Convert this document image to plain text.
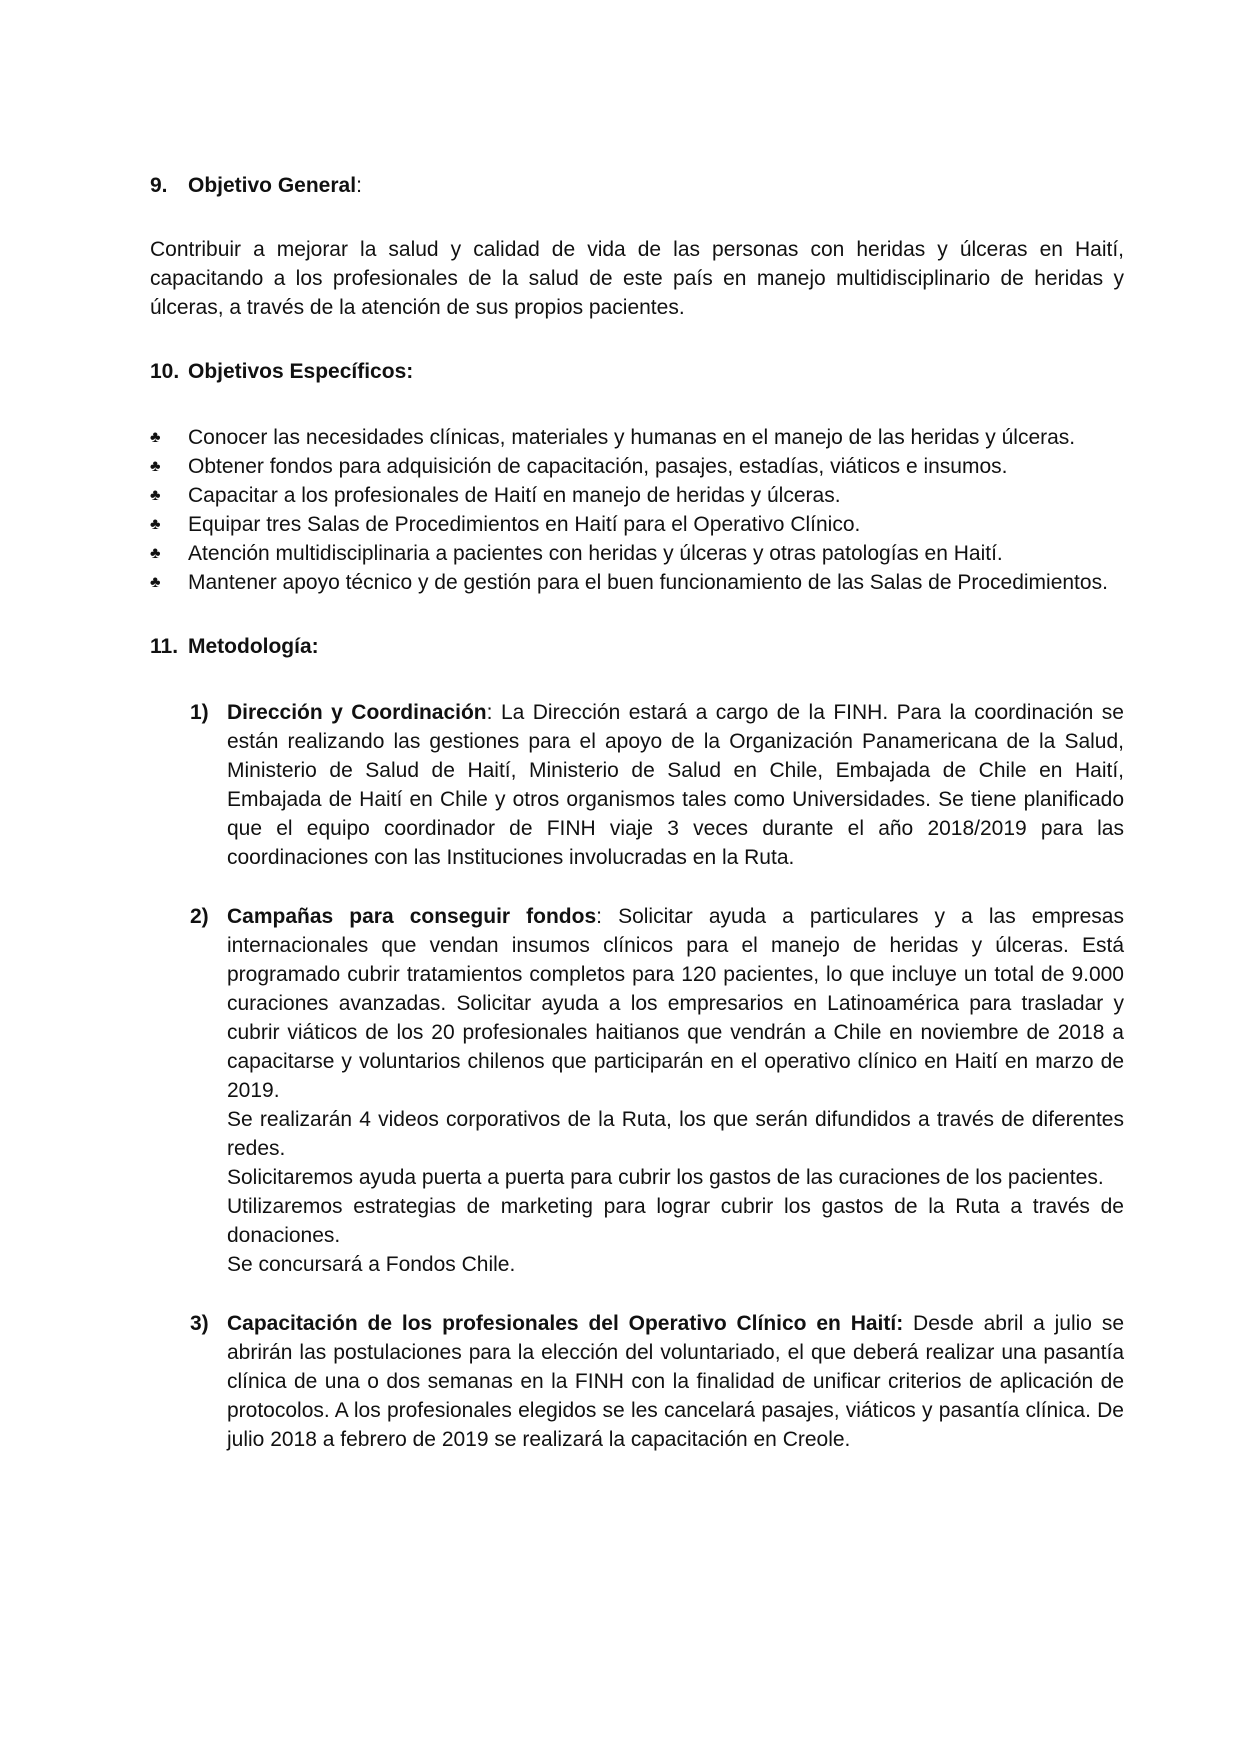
9. Objetivo General:

Contribuir a mejorar la salud y calidad de vida de las personas con heridas y úlceras en Haití, capacitando a los profesionales de la salud de este país en manejo multidisciplinario de heridas y úlceras, a través de la atención de sus propios pacientes.

10. Objetivos Específicos:

♣ Conocer las necesidades clínicas, materiales y humanas en el manejo de las heridas y úlceras.
♣ Obtener fondos para adquisición de capacitación, pasajes, estadías, viáticos e insumos.
♣ Capacitar a los profesionales de Haití en manejo de heridas y úlceras.
♣ Equipar tres Salas de Procedimientos en Haití para el Operativo Clínico.
♣ Atención multidisciplinaria a pacientes con heridas y úlceras y otras patologías en Haití.
♣ Mantener apoyo técnico y de gestión para el buen funcionamiento de las Salas de Procedimientos.

11. Metodología:

1) Dirección y Coordinación: La Dirección estará a cargo de la FINH. Para la coordinación se están realizando las gestiones para el apoyo de la Organización Panamericana de la Salud, Ministerio de Salud de Haití, Ministerio de Salud en Chile, Embajada de Chile en Haití, Embajada de Haití en Chile y otros organismos tales como Universidades. Se tiene planificado que el equipo coordinador de FINH viaje 3 veces durante el año 2018/2019 para las coordinaciones con las Instituciones involucradas en la Ruta.

2) Campañas para conseguir fondos: Solicitar ayuda a particulares y a las empresas internacionales que vendan insumos clínicos para el manejo de heridas y úlceras. Está programado cubrir tratamientos completos para 120 pacientes, lo que incluye un total de 9.000 curaciones avanzadas. Solicitar ayuda a los empresarios en Latinoamérica para trasladar y cubrir viáticos de los 20 profesionales haitianos que vendrán a Chile en noviembre de 2018 a capacitarse y voluntarios chilenos que participarán en el operativo clínico en Haití en marzo de 2019.

Se realizarán 4 videos corporativos de la Ruta, los que serán difundidos a través de diferentes redes.

Solicitaremos ayuda puerta a puerta para cubrir los gastos de las curaciones de los pacientes.

Utilizaremos estrategias de marketing para lograr cubrir los gastos de la Ruta a través de donaciones.

Se concursará a Fondos Chile.

3) Capacitación de los profesionales del Operativo Clínico en Haití: Desde abril a julio se abrirán las postulaciones para la elección del voluntariado, el que deberá realizar una pasantía clínica de una o dos semanas en la FINH con la finalidad de unificar criterios de aplicación de protocolos. A los profesionales elegidos se les cancelará pasajes, viáticos y pasantía clínica. De julio 2018 a febrero de 2019 se realizará la capacitación en Creole.
